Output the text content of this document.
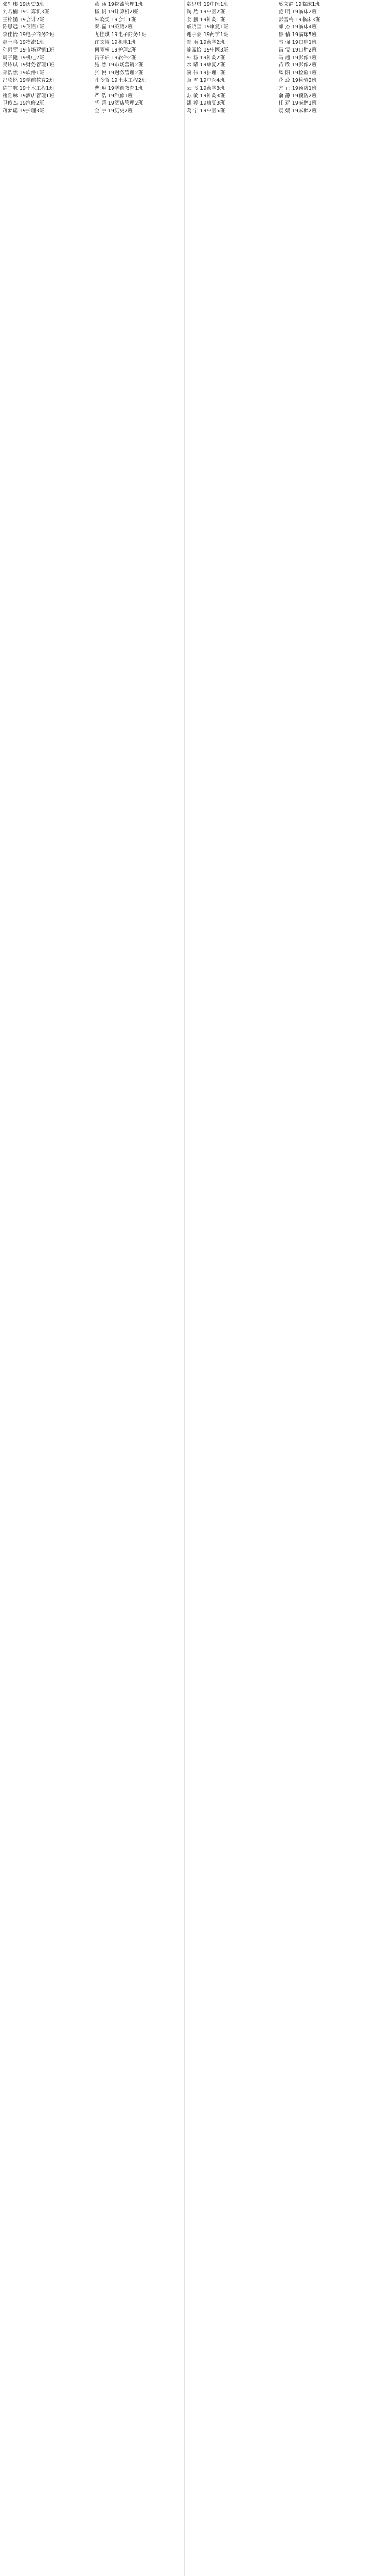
张轩玮 19历史3班
刘若楠 19计算机3班
王梓涵 19会计2班
陈思远 19英语1班
李佳怡 19电子商务2班
赵一鸣 19物流1班
孙雨萱 19市场营销1班
周子健 19机电2班
吴诗琪 19财务管理1班
郑浩然 19软件1班
冯欣悦 19学前教育2班
陈宇航 19土木工程1班
褚雅琳 19酒店管理1班
卫俊杰 19汽修2班
蒋梦瑶 19护理3班
董 涵 19物流管理1班
杨 帆 19计算机2班
朱晓雯 19会计1班
秦 磊 19英语2班
尤佳琪 19电子商务1班
许文博 19机电1班
何雨桐 19护理2班
吕子轩 19软件2班
施 然 19市场营销2班
张 悦 19财务管理2班
孔令哲 19土木工程2班
曹 琳 19学前教育1班
严 浩 19汽修1班
华 蕾 19酒店管理2班
金 宇 19历史2班
魏思琪 19中医1班
陶 然 19中医2班
姜 鹏 19针灸1班
戚晓雪 19康复1班
谢子豪 19药学1班
邹 雨 19药学2班
喻嘉怡 19中医3班
柏 杨 19针灸2班
水 晴 19康复2班
窦 伟 19护理1班
章 雪 19中医4班
云 飞 19药学3班
苏 敏 19针灸3班
潘 婷 19康复3班
葛 宁 19中医5班
奚文静 19临床1班
范 明 19临床2班
彭雪梅 19临床3班
郎 杰 19临床4班
鲁 倩 19临床5班
韦 强 19口腔1班
昌 雯 19口腔2班
马 超 19影像1班
苗 欣 19影像2班
凤 阳 19检验1班
花 蕊 19检验2班
方 正 19预防1班
俞 静 19预防2班
任 远 19麻醉1班
袁 媛 19麻醉2班
